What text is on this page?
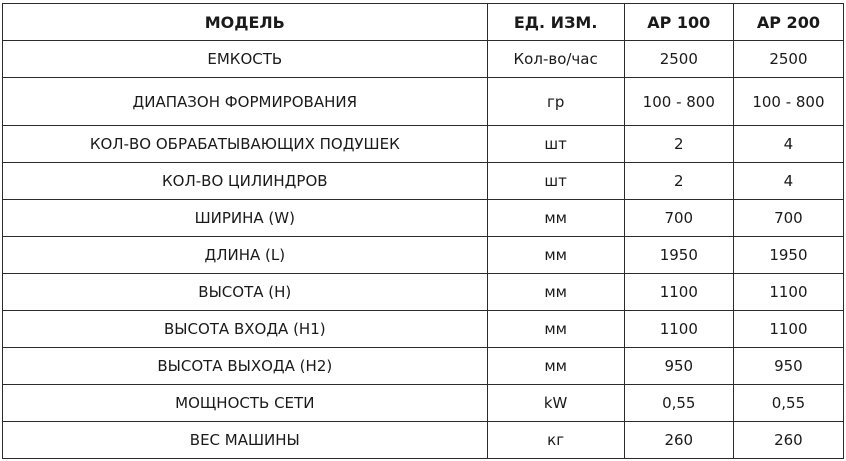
МОДЕЛЬ	ЕД. ИЗМ.	AP 100	AP 200
ЕМКОСТЬ	Кол-во/час	2500	2500
ДИАПАЗОН ФОРМИРОВАНИЯ	гр	100 - 800	100 - 800
КОЛ-ВО ОБРАБАТЫВАЮЩИХ ПОДУШЕК	шт	2	4
КОЛ-ВО ЦИЛИНДРОВ	шт	2	4
ШИРИНА (W)	мм	700	700
ДЛИНА (L)	мм	1950	1950
ВЫСОТА (H)	мм	1100	1100
ВЫСОТА ВХОДА (H1)	мм	1100	1100
ВЫСОТА ВЫХОДА (H2)	мм	950	950
МОЩНОСТЬ СЕТИ	kW	0,55	0,55
ВЕС МАШИНЫ	кг	260	260
